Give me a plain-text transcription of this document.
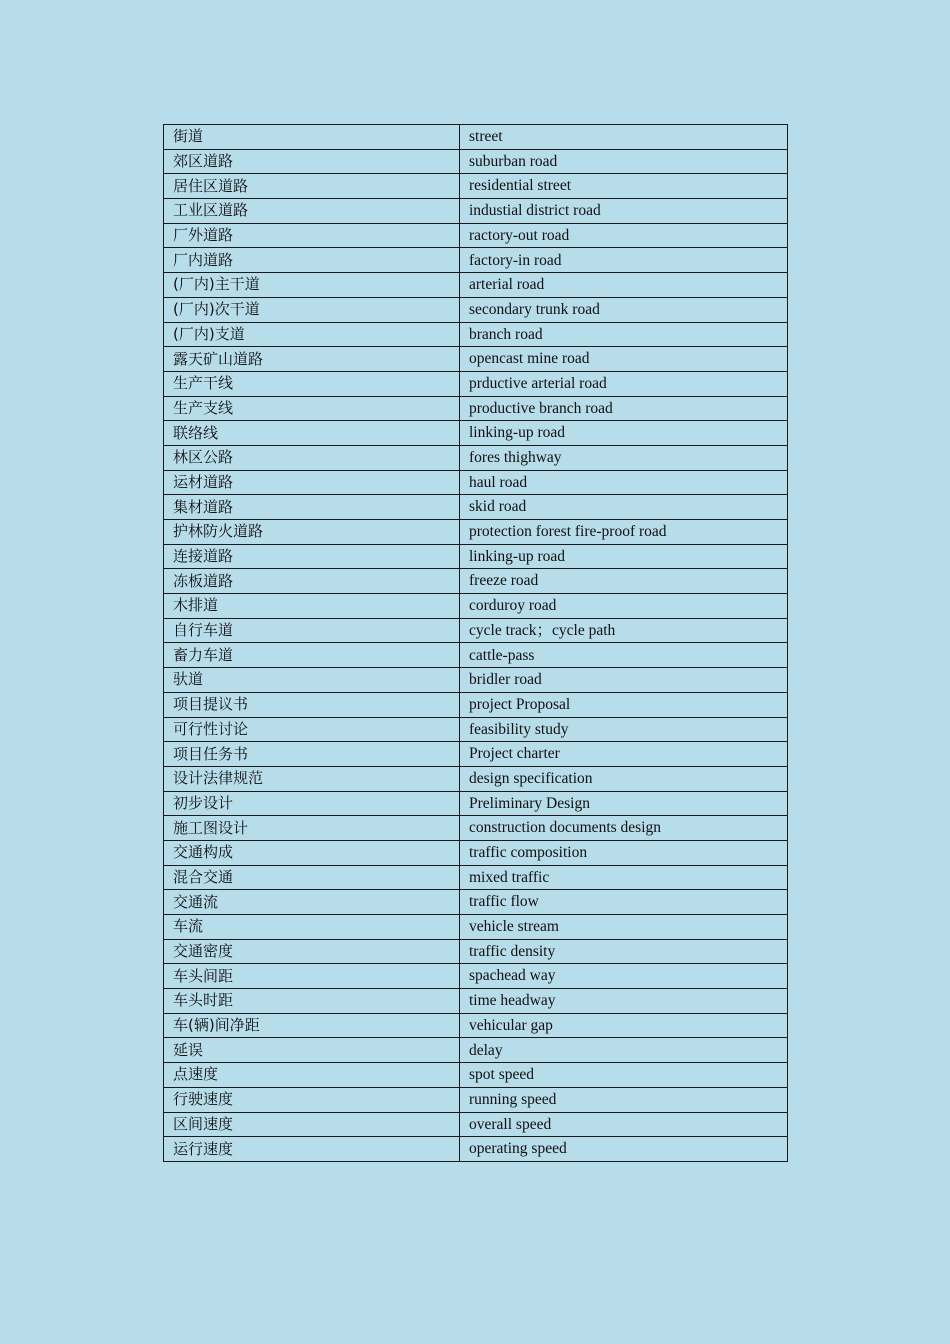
街道	street
郊区道路	suburban road
居住区道路	residential street
工业区道路	industial district road
厂外道路	ractory-out road
厂内道路	factory-in road
(厂内)主干道	arterial road
(厂内)次干道	secondary trunk road
(厂内)支道	branch road
露天矿山道路	opencast mine road
生产干线	prductive arterial road
生产支线	productive branch road
联络线	linking-up road
林区公路	fores thighway
运材道路	haul road
集材道路	skid road
护林防火道路	protection forest fire-proof road
连接道路	linking-up road
冻板道路	freeze road
木排道	corduroy road
自行车道	cycle track；cycle path
畜力车道	cattle-pass
驮道	bridler road
项目提议书	project Proposal
可行性讨论	feasibility study
项目任务书	Project charter
设计法律规范	design specification
初步设计	Preliminary Design
施工图设计	construction documents design
交通构成	traffic composition
混合交通	mixed traffic
交通流	traffic flow
车流	vehicle stream
交通密度	traffic density
车头间距	spachead way
车头时距	time headway
车(辆)间净距	vehicular gap
延误	delay
点速度	spot speed
行驶速度	running speed
区间速度	overall speed
运行速度	operating speed
